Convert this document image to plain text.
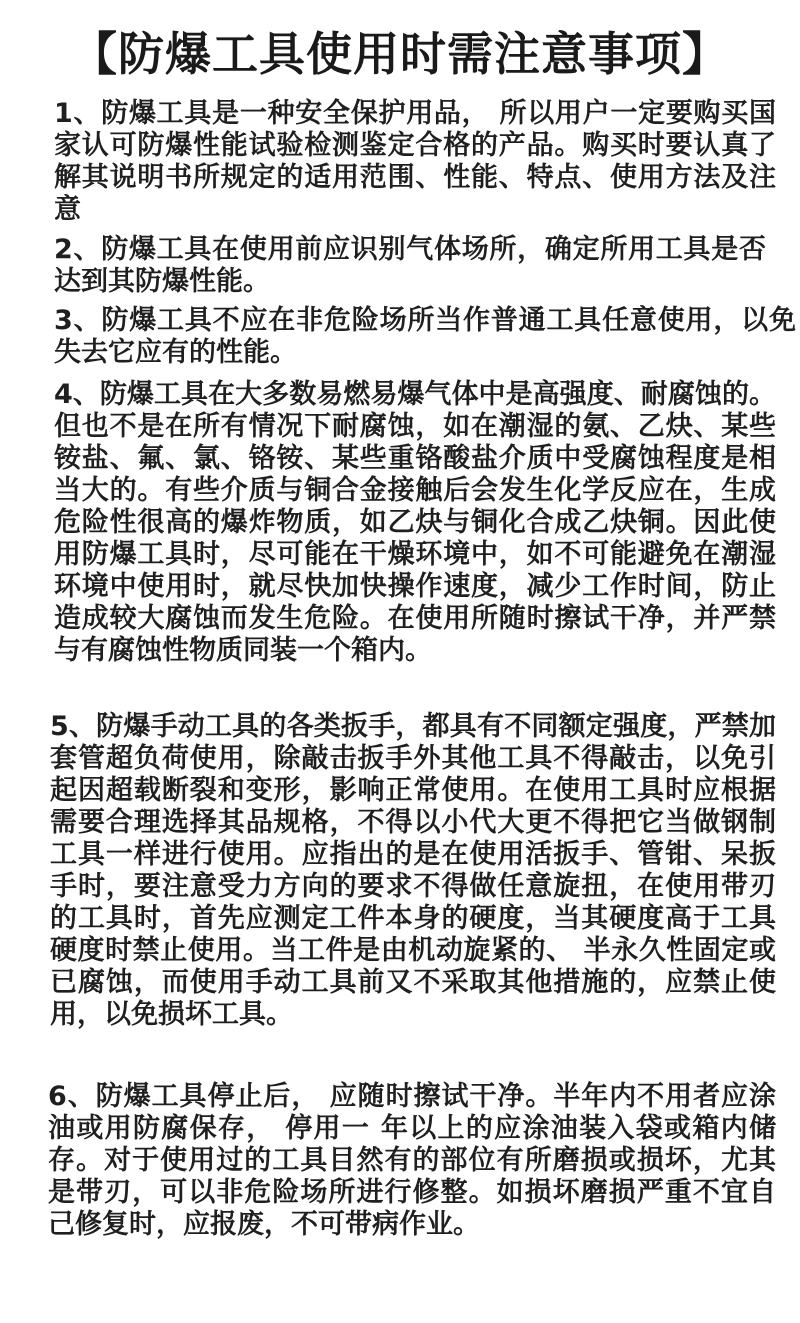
【防爆工具使用时需注意事项】

1、防爆工具是一种安全保护用品， 所以用户一定要购买国家认可防爆性能试验检测鉴定合格的产品。购买时要认真了解其说明书所规定的适用范围、性能、特点、使用方法及注意

2、防爆工具在使用前应识别气体场所，确定所用工具是否达到其防爆性能。

3、防爆工具不应在非危险场所当作普通工具任意使用，以免失去它应有的性能。

4、防爆工具在大多数易燃易爆气体中是高强度、耐腐蚀的。但也不是在所有情况下耐腐蚀，如在潮湿的氨、乙炔、某些铵盐、氟、氯、铬铵、某些重铬酸盐介质中受腐蚀程度是相当大的。有些介质与铜合金接触后会发生化学反应在，生成危险性很高的爆炸物质，如乙炔与铜化合成乙炔铜。因此使用防爆工具时，尽可能在干燥环境中，如不可能避免在潮湿环境中使用时，就尽快加快操作速度，减少工作时间，防止造成较大腐蚀而发生危险。在使用所随时擦试干净，并严禁与有腐蚀性物质同装一个箱内。

5、防爆手动工具的各类扳手，都具有不同额定强度，严禁加套管超负荷使用，除敲击扳手外其他工具不得敲击，以免引起因超载断裂和变形，影响正常使用。在使用工具时应根据需要合理选择其品规格，不得以小代大更不得把它当做钢制工具一样进行使用。应指出的是在使用活扳手、管钳、呆扳手时，要注意受力方向的要求不得做任意旋扭，在使用带刃的工具时，首先应测定工件本身的硬度，当其硬度高于工具硬度时禁止使用。当工件是由机动旋紧的、 半永久性固定或已腐蚀，而使用手动工具前又不采取其他措施的，应禁止使用，以免损坏工具。

6、防爆工具停止后， 应随时擦试干净。半年内不用者应涂油或用防腐保存， 停用一 年以上的应涂油装入袋或箱内储存。对于使用过的工具目然有的部位有所磨损或损坏，尤其是带刃，可以非危险场所进行修整。如损坏磨损严重不宜自己修复时，应报废，不可带病作业。
